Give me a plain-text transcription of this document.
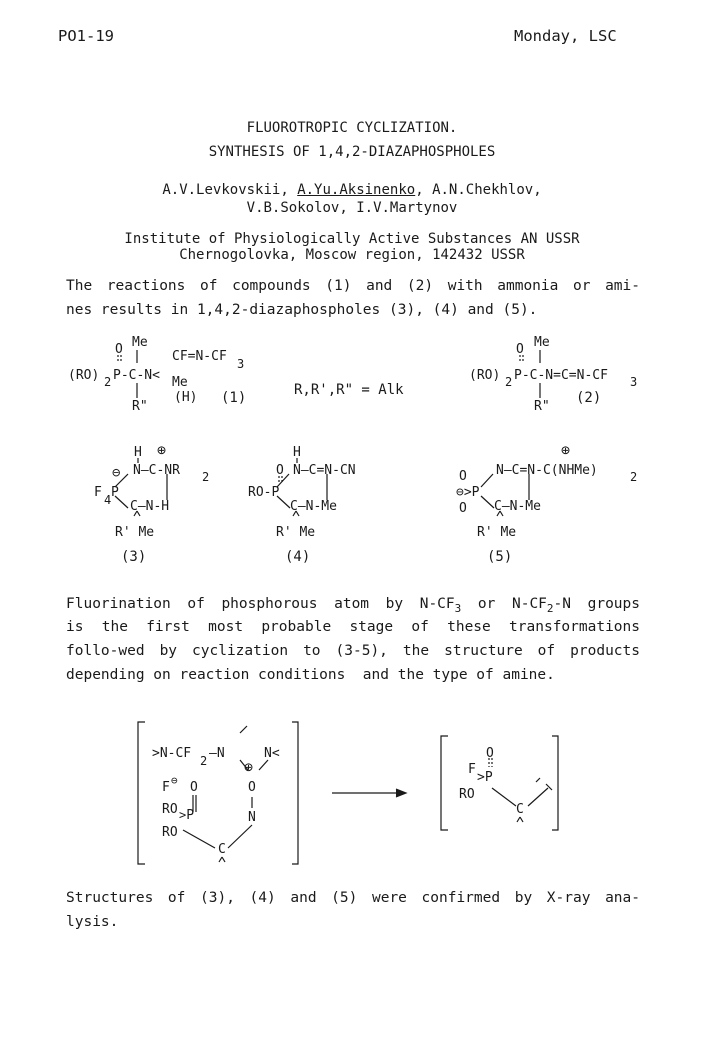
PO1-19	Monday, LSC
FLUOROTROPIC CYCLIZATION.
SYNTHESIS OF 1,4,2-DIAZAPHOSPHOLES
A.V.Levkovskii, A.Yu.Aksinenko, A.N.Chekhlov,
V.B.Sokolov, I.V.Martynov
Institute of Physiologically Active Substances AN USSR
Chernogolovka, Moscow region, 142432 USSR
The reactions of compounds (1) and (2) with ammonia or ami-
nes results in 1,4,2-diazaphospholes (3), (4) and (5).
Me
O	CF=N-CF 3
(RO) 2 P-C-N< Me
R"
(H) (1)	R,R',R" = Alk
Me
O
(RO) 2 P-C-N=C=N-CF 3
R"
(2)
H ⊕
⊖ N—C-NR 2
F 4 P
C—N-H
R' Me
(3)
H
O N—C=N-CN
RO-P
C—N-Me
R' Me
(4)
⊕
O N—C=N-C(NHMe)	2
⊖>P
O C—N-Me
R' Me
(5)
Fluorination of phosphorous atom by $N-CF_3$ or $N-CF_2-N$ groups
is the first most probable stage of these transformations
follo-wed by cyclization to (3-5), the structure of products
depending on reaction conditions  and the type of amine.
>N-CF 2 —N	N<
⊕
F ⊖ O	O
RO >P	N
RO
C
O
F
>P
RO
C
Structures of (3), (4) and (5) were confirmed by X-ray ana-
lysis.
